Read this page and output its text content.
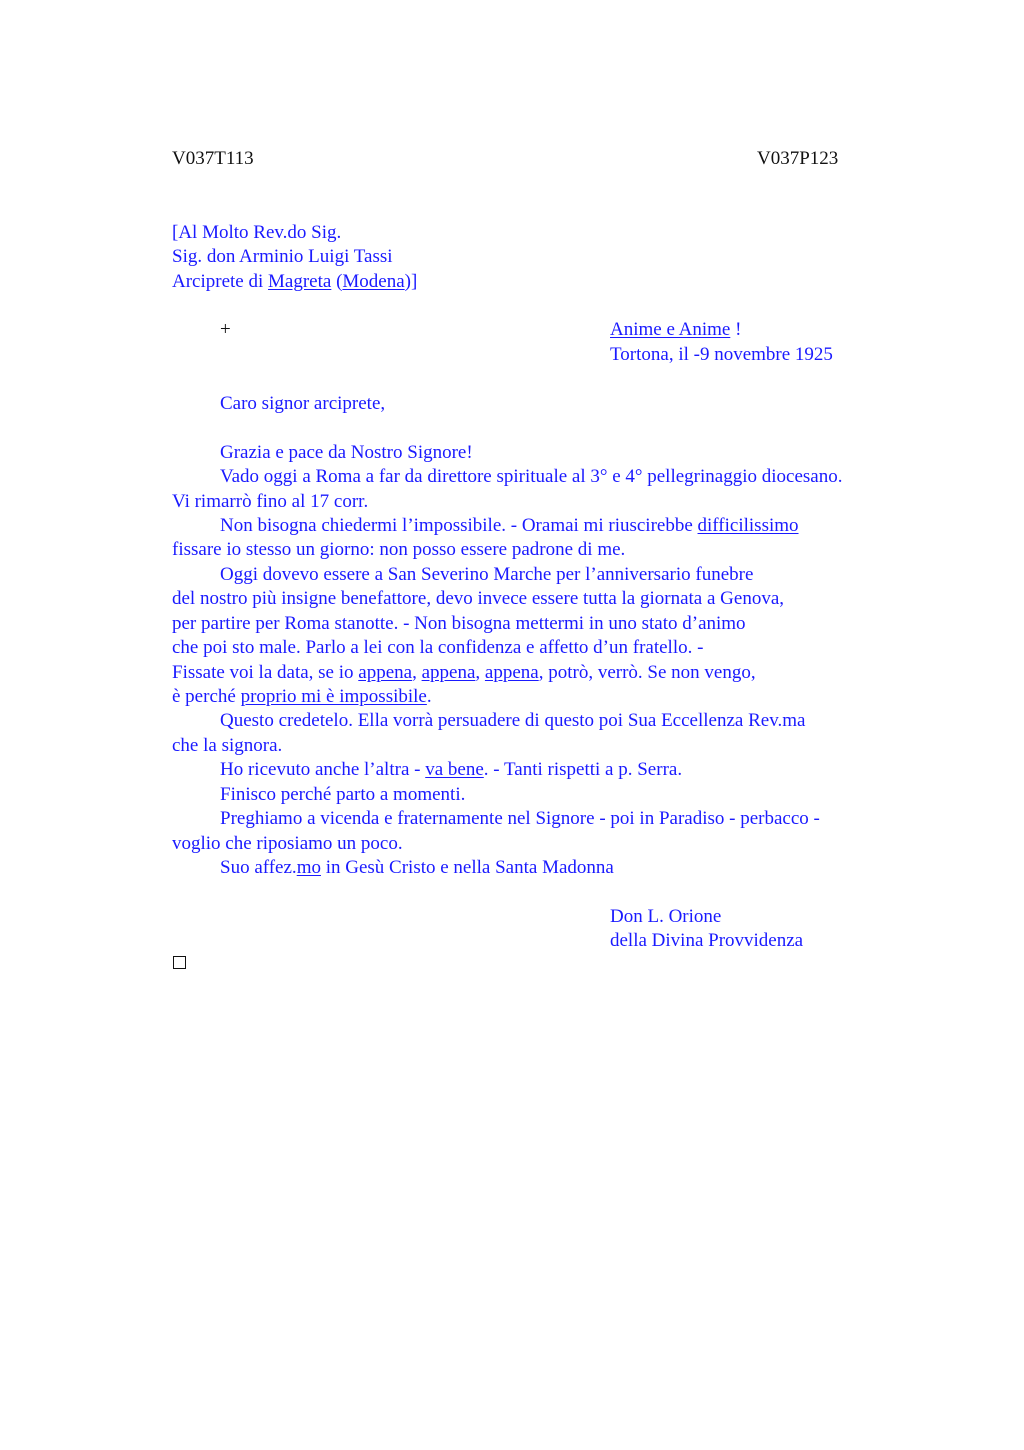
V037T113	V037P123
[Al Molto Rev.do Sig.
Sig. don Arminio Luigi Tassi
Arciprete di Magreta (Modena)]
+	Anime e Anime !
Tortona, il -9 novembre 1925
Caro signor arciprete,
Grazia e pace da Nostro Signore!
Vado oggi a Roma a far da direttore spirituale al 3° e 4° pellegrinaggio diocesano.
Vi rimarrò fino al 17 corr.
Non bisogna chiedermi l’impossibile. - Oramai mi riuscirebbe difficilissimo
fissare io stesso un giorno: non posso essere padrone di me.
Oggi dovevo essere a San Severino Marche per l’anniversario funebre
del nostro più insigne benefattore, devo invece essere tutta la giornata a Genova,
per partire per Roma stanotte. - Non bisogna mettermi in uno stato d’animo
che poi sto male. Parlo a lei con la confidenza e affetto d’un fratello. -
Fissate voi la data, se io appena, appena, appena, potrò, verrò. Se non vengo,
è perché proprio mi è impossibile.
Questo credetelo. Ella vorrà persuadere di questo poi Sua Eccellenza Rev.ma
che la signora.
Ho ricevuto anche l’altra - va bene. - Tanti rispetti a p. Serra.
Finisco perché parto a momenti.
Preghiamo a vicenda e fraternamente nel Signore - poi in Paradiso - perbacco -
voglio che riposiamo un poco.
Suo affez.mo in Gesù Cristo e nella Santa Madonna
Don L. Orione
della Divina Provvidenza
